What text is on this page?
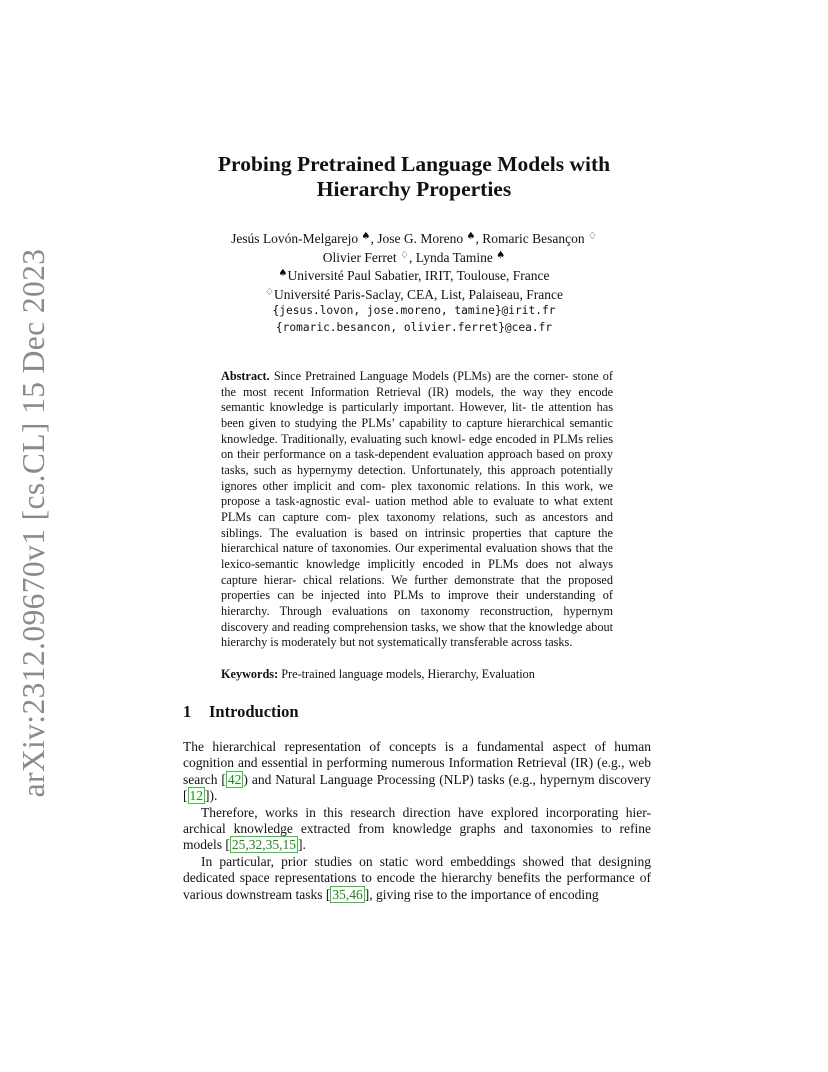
arXiv:2312.09670v1 [cs.CL] 15 Dec 2023
Probing Pretrained Language Models with
Hierarchy Properties
Jesús Lovón-Melgarejo ♠, Jose G. Moreno ♠, Romaric Besançon ♢
Olivier Ferret ♢, Lynda Tamine ♠
♠Université Paul Sabatier, IRIT, Toulouse, France
♢Université Paris-Saclay, CEA, List, Palaiseau, France
{jesus.lovon, jose.moreno, tamine}@irit.fr
{romaric.besancon, olivier.ferret}@cea.fr
Abstract. Since Pretrained Language Models (PLMs) are the corner- stone of the most recent Information Retrieval (IR) models, the way they encode semantic knowledge is particularly important. However, lit- tle attention has been given to studying the PLMs’ capability to capture hierarchical semantic knowledge. Traditionally, evaluating such knowl- edge encoded in PLMs relies on their performance on a task-dependent evaluation approach based on proxy tasks, such as hypernymy detection. Unfortunately, this approach potentially ignores other implicit and com- plex taxonomic relations. In this work, we propose a task-agnostic eval- uation method able to evaluate to what extent PLMs can capture com- plex taxonomy relations, such as ancestors and siblings. The evaluation is based on intrinsic properties that capture the hierarchical nature of taxonomies. Our experimental evaluation shows that the lexico-semantic knowledge implicitly encoded in PLMs does not always capture hierar- chical relations. We further demonstrate that the proposed properties can be injected into PLMs to improve their understanding of hierarchy. Through evaluations on taxonomy reconstruction, hypernym discovery and reading comprehension tasks, we show that the knowledge about hierarchy is moderately but not systematically transferable across tasks.
Keywords: Pre-trained language models, Hierarchy, Evaluation
1 Introduction

The hierarchical representation of concepts is a fundamental aspect of human cognition and essential in performing numerous Information Retrieval (IR) (e.g., web search [ 42 ) and Natural Language Processing (NLP) tasks (e.g., hypernym discovery [ 12 ]).

Therefore, works in this research direction have explored incorporating hier- archical knowledge extracted from knowledge graphs and taxonomies to refine models [ 25,32,35,15 ].

In particular, prior studies on static word embeddings showed that designing dedicated space representations to encode the hierarchy benefits the performance of various downstream tasks [ 35,46 ], giving rise to the importance of encoding
